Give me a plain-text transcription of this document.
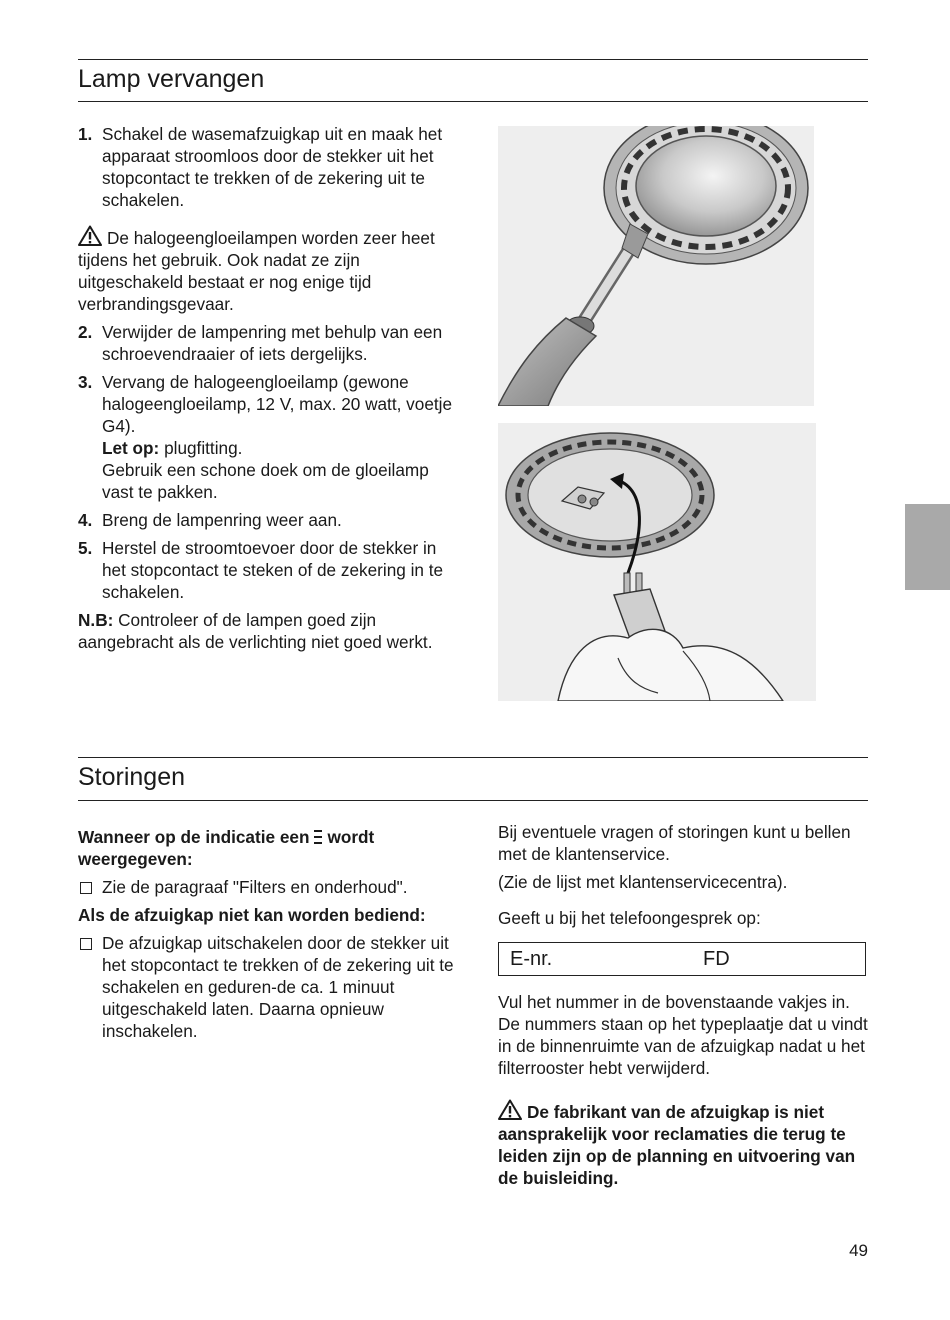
Lamp vervangen
1. Schakel de wasemafzuigkap uit en maak het apparaat stroomloos door de stekker uit het stopcontact te trekken of de zekering uit te schakelen.
De halogeengloeilampen worden zeer heet tijdens het gebruik. Ook nadat ze zijn uitgeschakeld bestaat er nog enige tijd verbrandingsgevaar.
2. Verwijder de lampenring met behulp van een schroevendraaier of iets dergelijks.
3. Vervang de halogeengloeilamp (gewone halogeengloeilamp, 12 V, max. 20 watt, voetje G4).
Let op: plugfitting.
Gebruik een schone doek om de gloeilamp vast te pakken.
4. Breng de lampenring weer aan.
5. Herstel de stroomtoevoer door de stekker in het stopcontact te steken of de zekering in te schakelen.
N.B: Controleer of de lampen goed zijn aangebracht als de verlichting niet goed werkt.
Storingen
Wanneer op de indicatie een wordt weergegeven:
Zie de paragraaf "Filters en onderhoud".
Als de afzuigkap niet kan worden bediend:
De afzuigkap uitschakelen door de stekker uit het stopcontact te trekken of de zekering uit te schakelen en geduren-de ca. 1 minuut uitgeschakeld laten. Daarna opnieuw inschakelen.
Bij eventuele vragen of storingen kunt u bellen met de klantenservice.
(Zie de lijst met klantenservicecentra).
Geeft u bij het telefoongesprek op:
E-nr.	FD
Vul het nummer in de bovenstaande vakjes in. De nummers staan op het typeplaatje dat u vindt in de binnenruimte van de afzuigkap nadat u het filterrooster hebt verwijderd.
De fabrikant van de afzuigkap is niet aansprakelijk voor reclamaties die terug te leiden zijn op de planning en uitvoering van de buisleiding.
49
